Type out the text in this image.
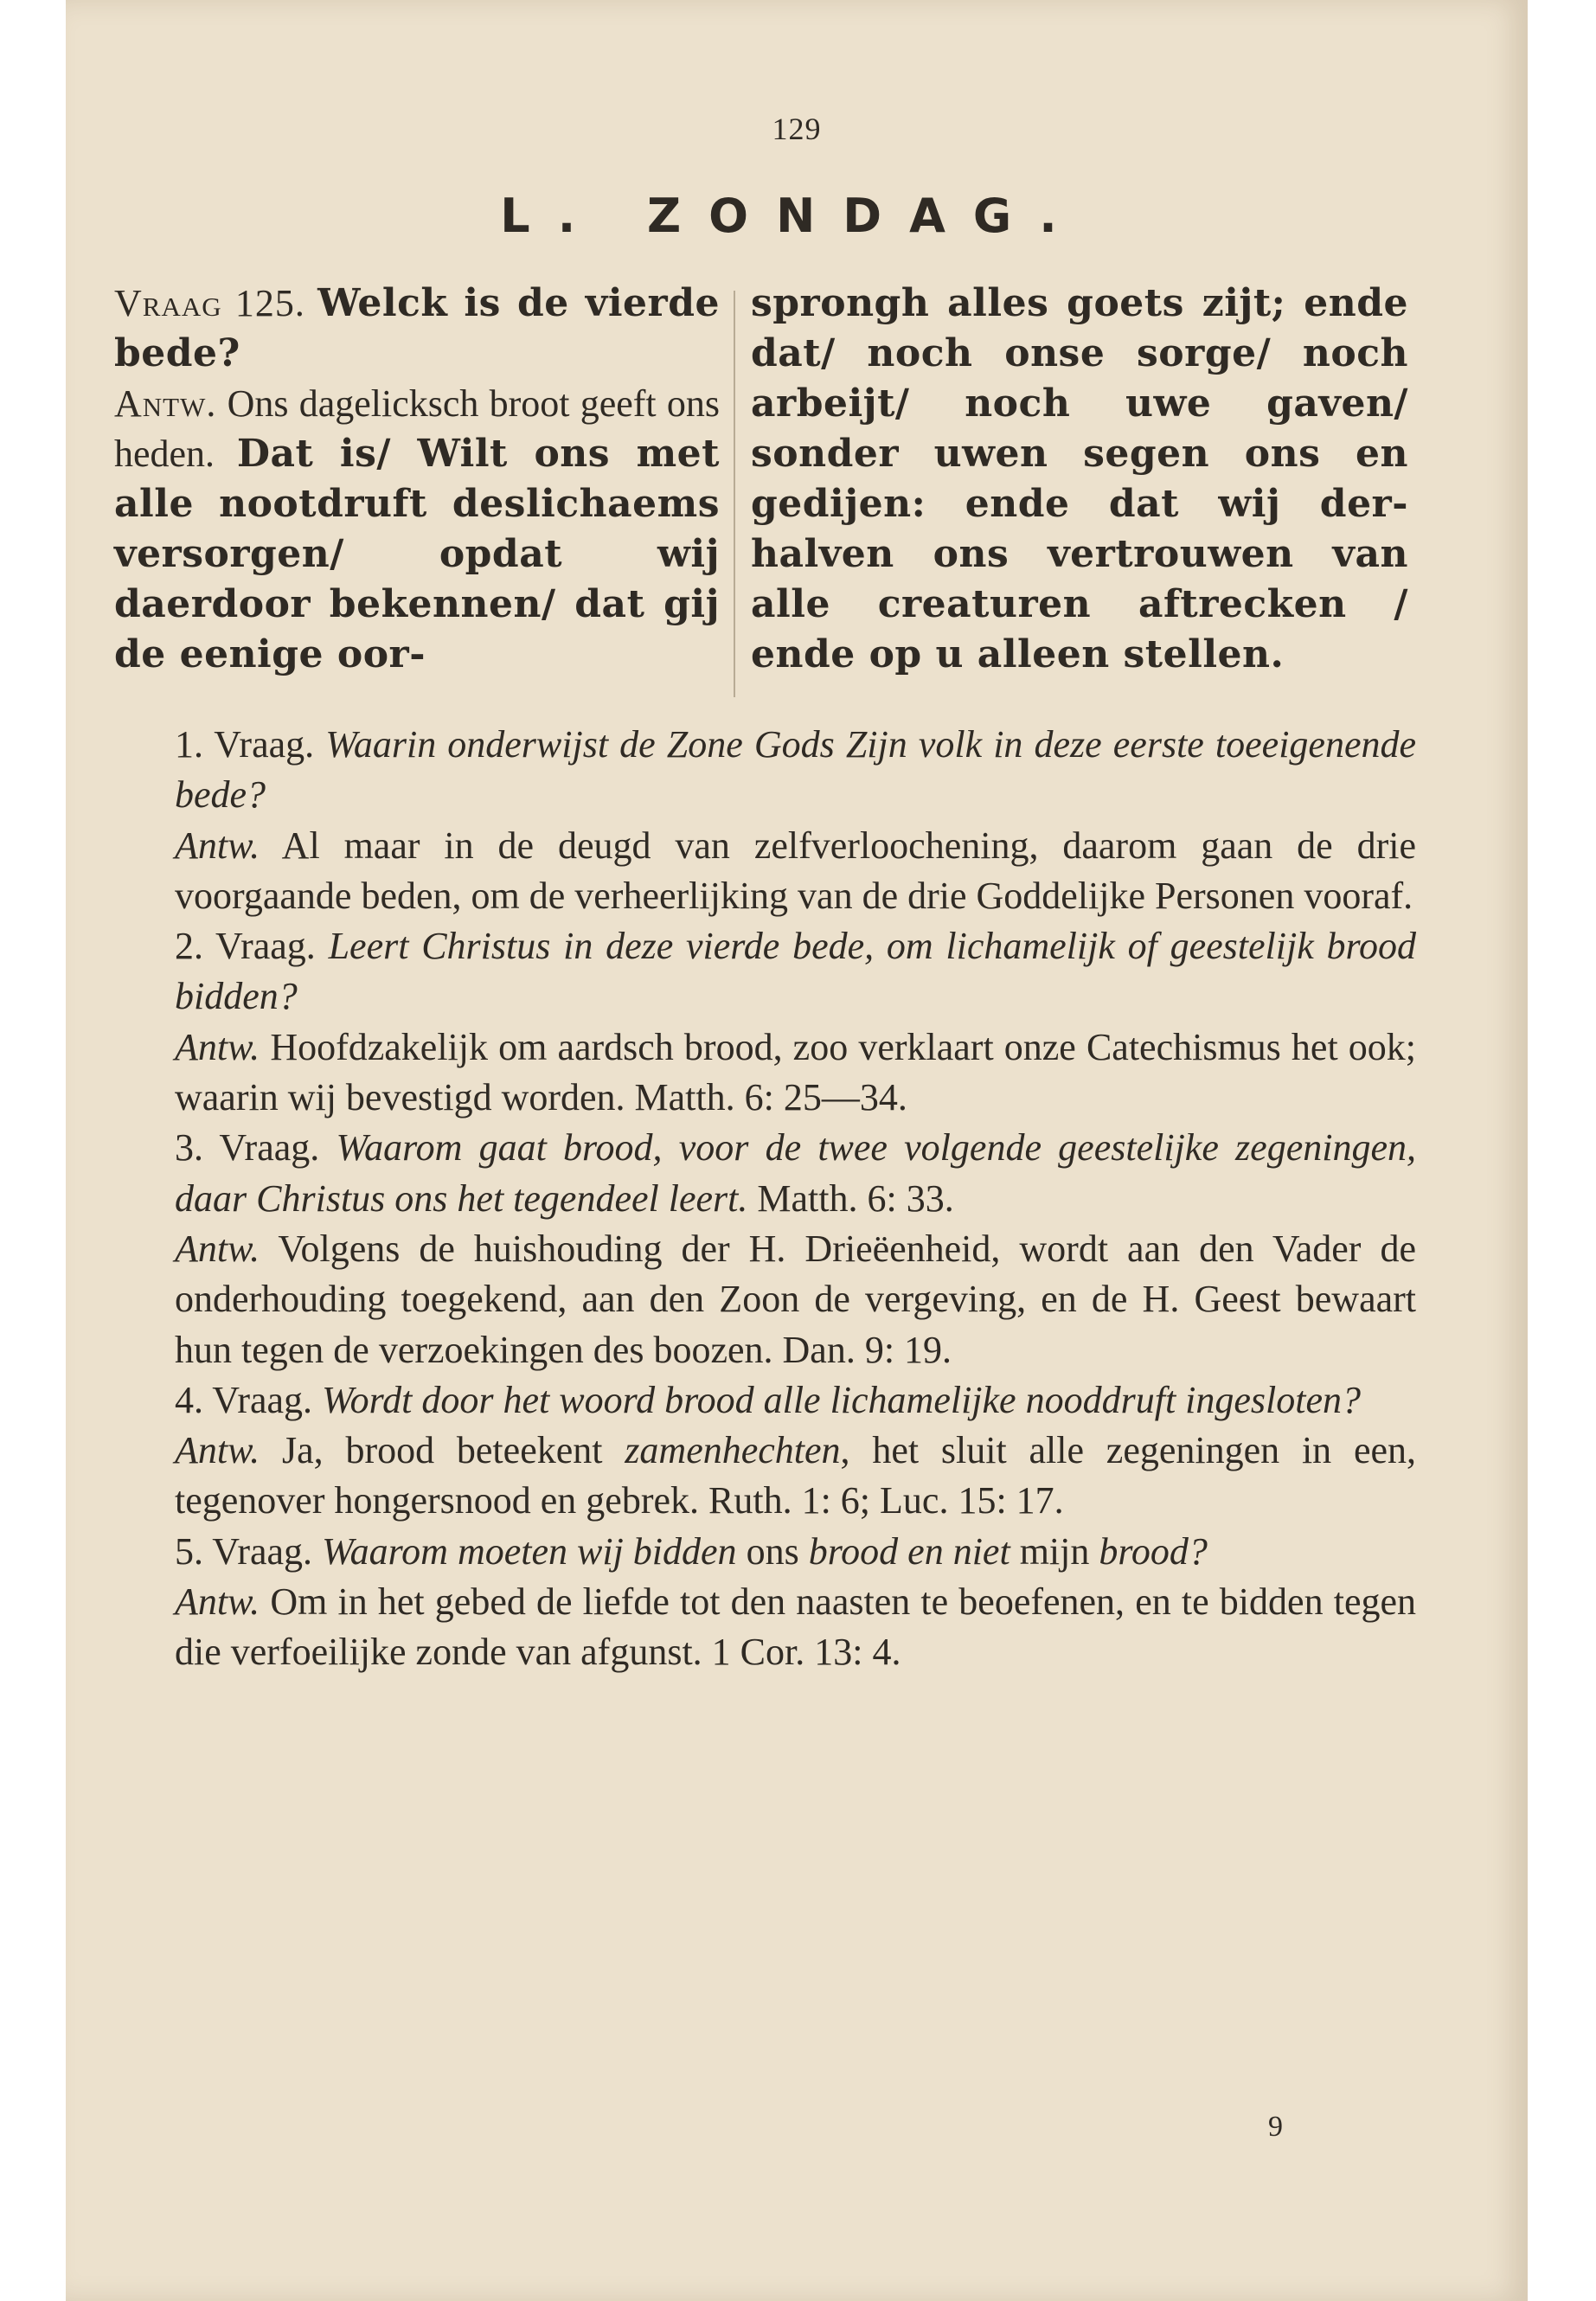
129
L. ZONDAG.

Vraag 125. Welck is de vierde bede?

Antw. Ons dagelicksch broot geeft ons heden. Dat is/ Wilt ons met alle nootdruft deslichaems versorgen/ opdat wij daerdoor bekennen/ dat gij de eenige oor-

sprongh alles goets zijt; ende dat/ noch onse sorge/ noch arbeijt/ noch uwe gaven/ sonder uwen segen ons en gedijen: ende dat wij der-halven ons vertrouwen van alle creaturen aftrecken / ende op u alleen stellen.

1. Vraag. Waarin onderwijst de Zone Gods Zijn volk in deze eerste toeeigenende bede?

Antw. Al maar in de deugd van zelfverloochening, daarom gaan de drie voorgaande beden, om de verheerlijking van de drie Goddelijke Personen vooraf.

2. Vraag. Leert Christus in deze vierde bede, om lichamelijk of geestelijk brood bidden?

Antw. Hoofdzakelijk om aardsch brood, zoo verklaart onze Catechismus het ook; waarin wij bevestigd worden. Matth. 6: 25—34.

3. Vraag. Waarom gaat brood, voor de twee volgende geestelijke zegeningen, daar Christus ons het tegendeel leert. Matth. 6: 33.

Antw. Volgens de huishouding der H. Drieëenheid, wordt aan den Vader de onderhouding toegekend, aan den Zoon de vergeving, en de H. Geest bewaart hun tegen de verzoekingen des boozen. Dan. 9: 19.

4. Vraag. Wordt door het woord brood alle lichamelijke nooddruft ingesloten?

Antw. Ja, brood beteekent zamenhechten, het sluit alle zegeningen in een, tegenover hongersnood en gebrek. Ruth. 1: 6; Luc. 15: 17.

5. Vraag. Waarom moeten wij bidden ons brood en niet mijn brood?

Antw. Om in het gebed de liefde tot den naasten te beoefenen, en te bidden tegen die verfoeilijke zonde van afgunst. 1 Cor. 13: 4.

9
